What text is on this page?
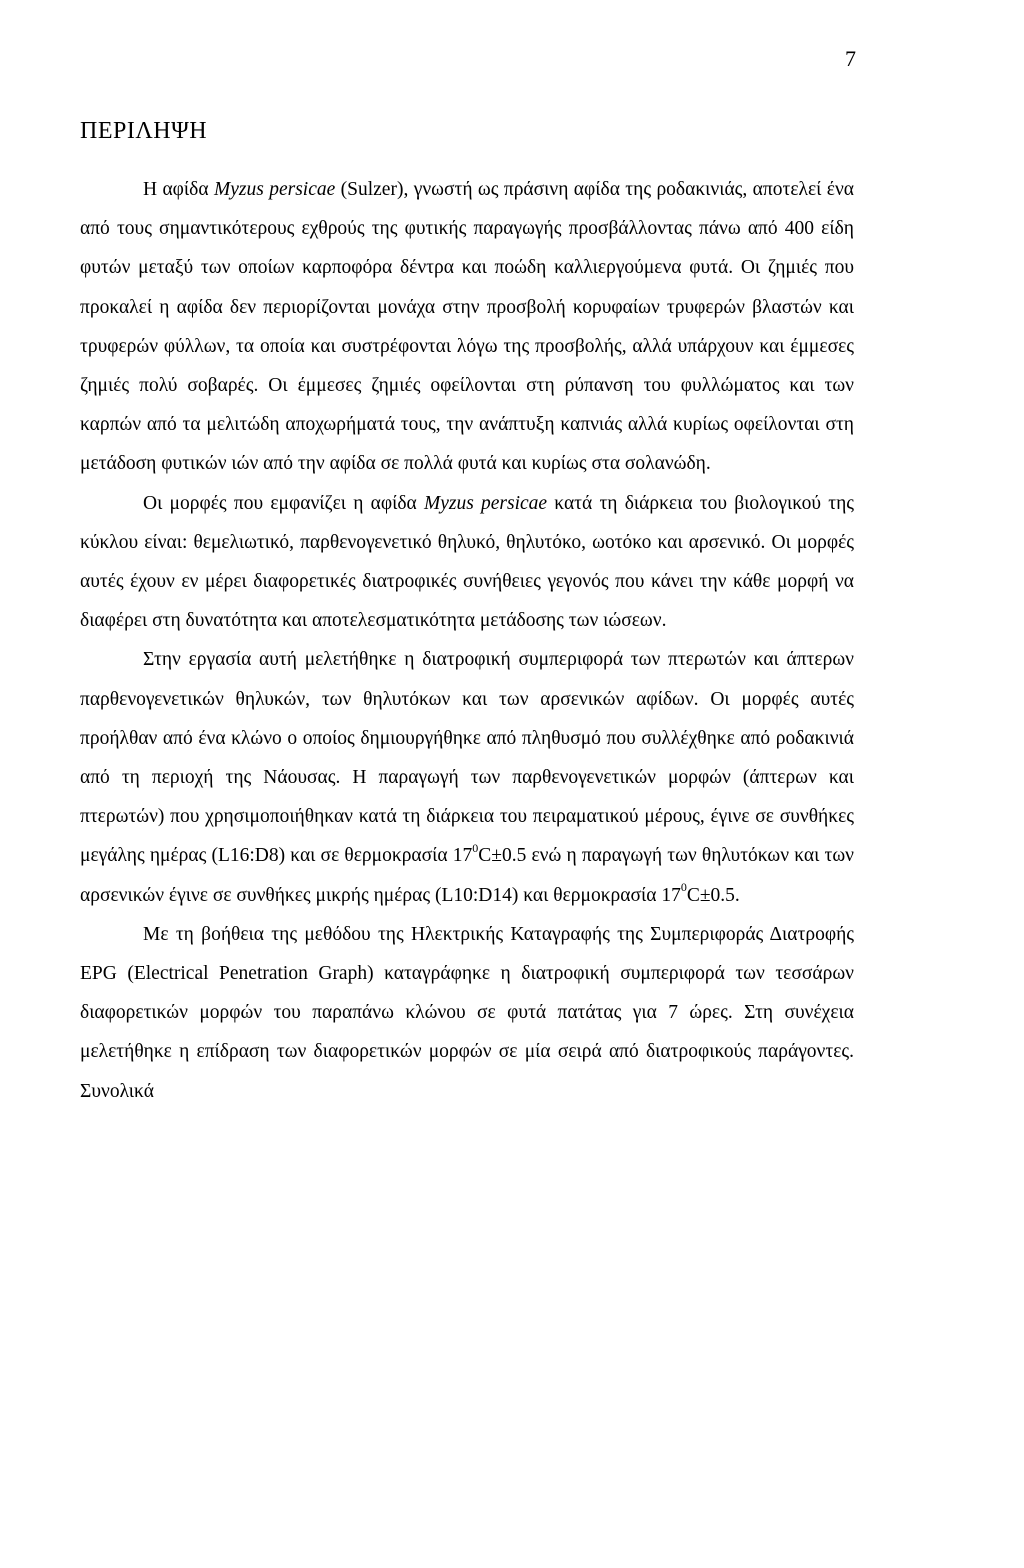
7
ΠΕΡΙΛΗΨΗ

Η αφίδα Myzus persicae (Sulzer), γνωστή ως πράσινη αφίδα της ροδακινιάς, αποτελεί ένα από τους σημαντικότερους εχθρούς της φυτικής παραγωγής προσβάλλοντας πάνω από 400 είδη φυτών μεταξύ των οποίων καρποφόρα δέντρα και ποώδη καλλιεργούμενα φυτά. Οι ζημιές που προκαλεί η αφίδα δεν περιορίζονται μονάχα στην προσβολή κορυφαίων τρυφερών βλαστών και τρυφερών φύλλων, τα οποία και συστρέφονται λόγω της προσβολής, αλλά υπάρχουν και έμμεσες ζημιές πολύ σοβαρές. Οι έμμεσες ζημιές οφείλονται στη ρύπανση του φυλλώματος και των καρπών από τα μελιτώδη αποχωρήματά τους, την ανάπτυξη καπνιάς αλλά κυρίως οφείλονται στη μετάδοση φυτικών ιών από την αφίδα σε πολλά φυτά και κυρίως στα σολανώδη.

Οι μορφές που εμφανίζει η αφίδα Myzus persicae κατά τη διάρκεια του βιολογικού της κύκλου είναι: θεμελιωτικό, παρθενογενετικό θηλυκό, θηλυτόκο, ωοτόκο και αρσενικό. Οι μορφές αυτές έχουν εν μέρει διαφορετικές διατροφικές συνήθειες γεγονός που κάνει την κάθε μορφή να διαφέρει στη δυνατότητα και αποτελεσματικότητα μετάδοσης των ιώσεων.

Στην εργασία αυτή μελετήθηκε η διατροφική συμπεριφορά των πτερωτών και άπτερων παρθενογενετικών θηλυκών, των θηλυτόκων και των αρσενικών αφίδων. Οι μορφές αυτές προήλθαν από ένα κλώνο ο οποίος δημιουργήθηκε από πληθυσμό που συλλέχθηκε από ροδακινιά από τη περιοχή της Νάουσας. Η παραγωγή των παρθενογενετικών μορφών (άπτερων και πτερωτών) που χρησιμοποιήθηκαν κατά τη διάρκεια του πειραματικού μέρους, έγινε σε συνθήκες μεγάλης ημέρας (L16:D8) και σε θερμοκρασία $17^0C\pm 0.5$ ενώ η παραγωγή των θηλυτόκων και των αρσενικών έγινε σε συνθήκες μικρής ημέρας (L10:D14) και θερμοκρασία $17^0C\pm 0.5$.

Με τη βοήθεια της μεθόδου της Ηλεκτρικής Καταγραφής της Συμπεριφοράς Διατροφής EPG (Electrical Penetration Graph) καταγράφηκε η διατροφική συμπεριφορά των τεσσάρων διαφορετικών μορφών του παραπάνω κλώνου σε φυτά πατάτας για 7 ώρες. Στη συνέχεια μελετήθηκε η επίδραση των διαφορετικών μορφών σε μία σειρά από διατροφικούς παράγοντες. Συνολικά
